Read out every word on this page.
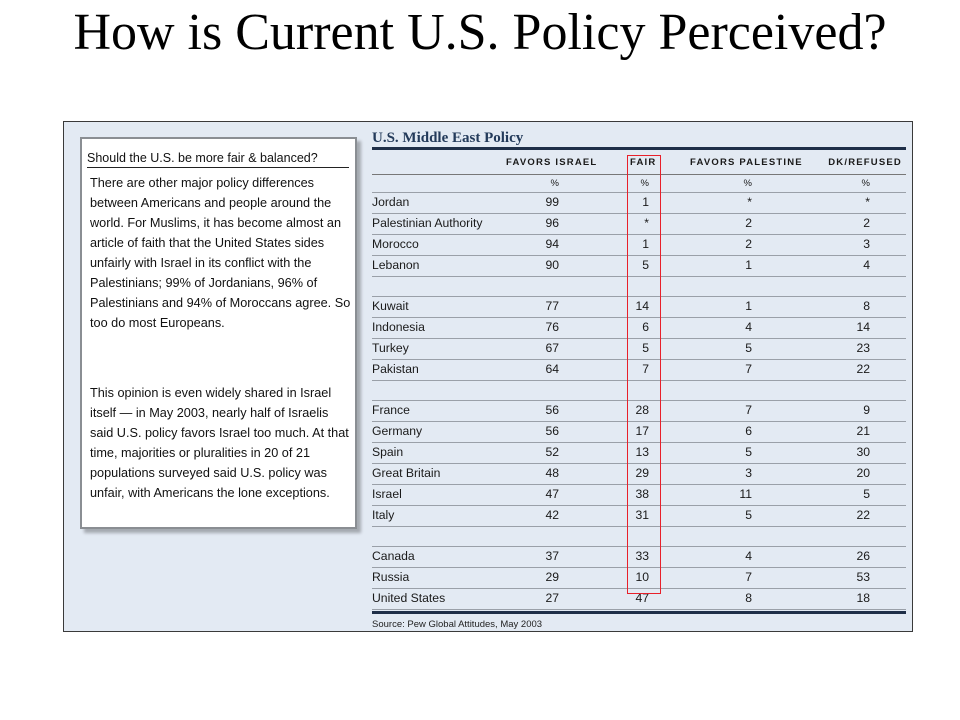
How is Current U.S. Policy Perceived?
Should the U.S. be more fair & balanced?
There are other major policy differences between Americans and people around the world. For Muslims, it has become almost an article of faith that the United States sides unfairly with Israel in its conflict with the Palestinians; 99% of Jordanians, 96% of Palestinians and 94% of Moroccans agree. So too do most Europeans.
This opinion is even widely shared in Israel itself — in May 2003, nearly half of Israelis said U.S. policy favors Israel too much. At that time, majorities or pluralities in 20 of 21 populations surveyed said U.S. policy was unfair, with Americans the lone exceptions.
U.S. Middle East Policy
FAVORS ISRAEL	FAIR	FAVORS PALESTINE	DK/REFUSED
%	%	%	%
Jordan	99	1	*	*
Palestinian Authority	96	*	2	2
Morocco	94	1	2	3
Lebanon	90	5	1	4
Kuwait	77	14	1	8
Indonesia	76	6	4	14
Turkey	67	5	5	23
Pakistan	64	7	7	22
France	56	28	7	9
Germany	56	17	6	21
Spain	52	13	5	30
Great Britain	48	29	3	20
Israel	47	38	11	5
Italy	42	31	5	22
Canada	37	33	4	26
Russia	29	10	7	53
United States	27	47	8	18
Source: Pew Global Attitudes, May 2003
